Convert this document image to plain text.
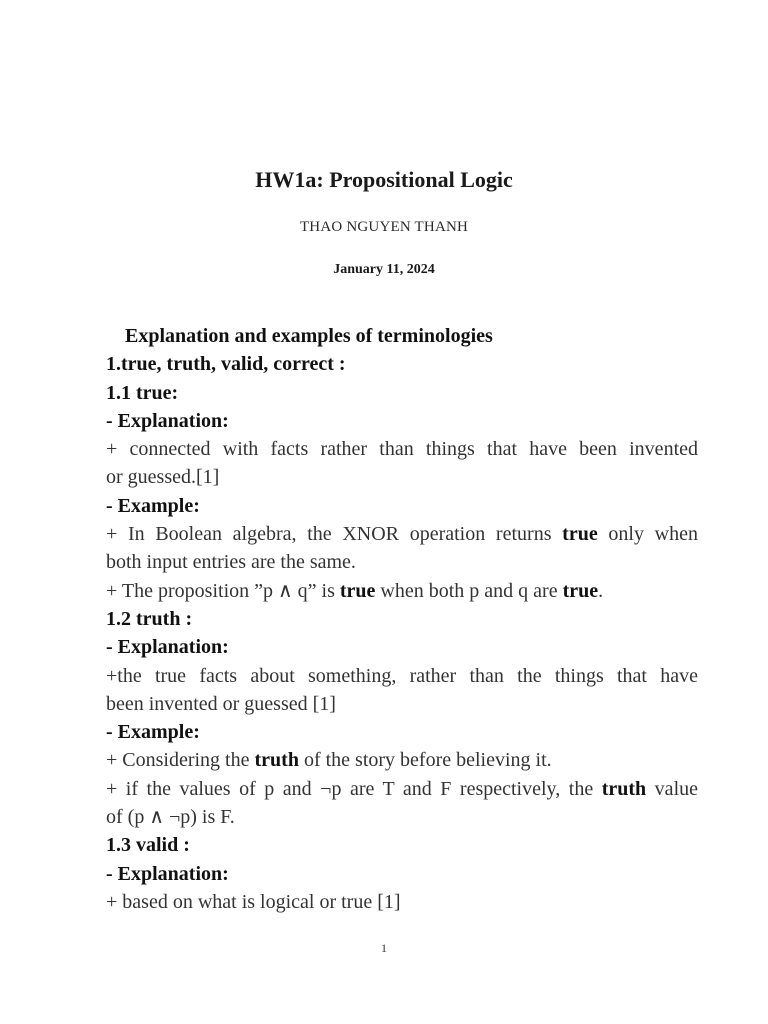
HW1a: Propositional Logic
THAO NGUYEN THANH
January 11, 2024
Explanation and examples of terminologies
1.true, truth, valid, correct :
1.1 true:
- Explanation:
+ connected with facts rather than things that have been invented
or guessed.[1]
- Example:
+ In Boolean algebra, the XNOR operation returns true only when
both input entries are the same.
+ The proposition ”p ∧ q” is true when both p and q are true.
1.2 truth :
- Explanation:
+the true facts about something, rather than the things that have
been invented or guessed [1]
- Example:
+ Considering the truth of the story before believing it.
+ if the values of p and ¬p are T and F respectively, the truth value
of (p ∧ ¬p) is F.
1.3 valid :
- Explanation:
+ based on what is logical or true [1]
1
